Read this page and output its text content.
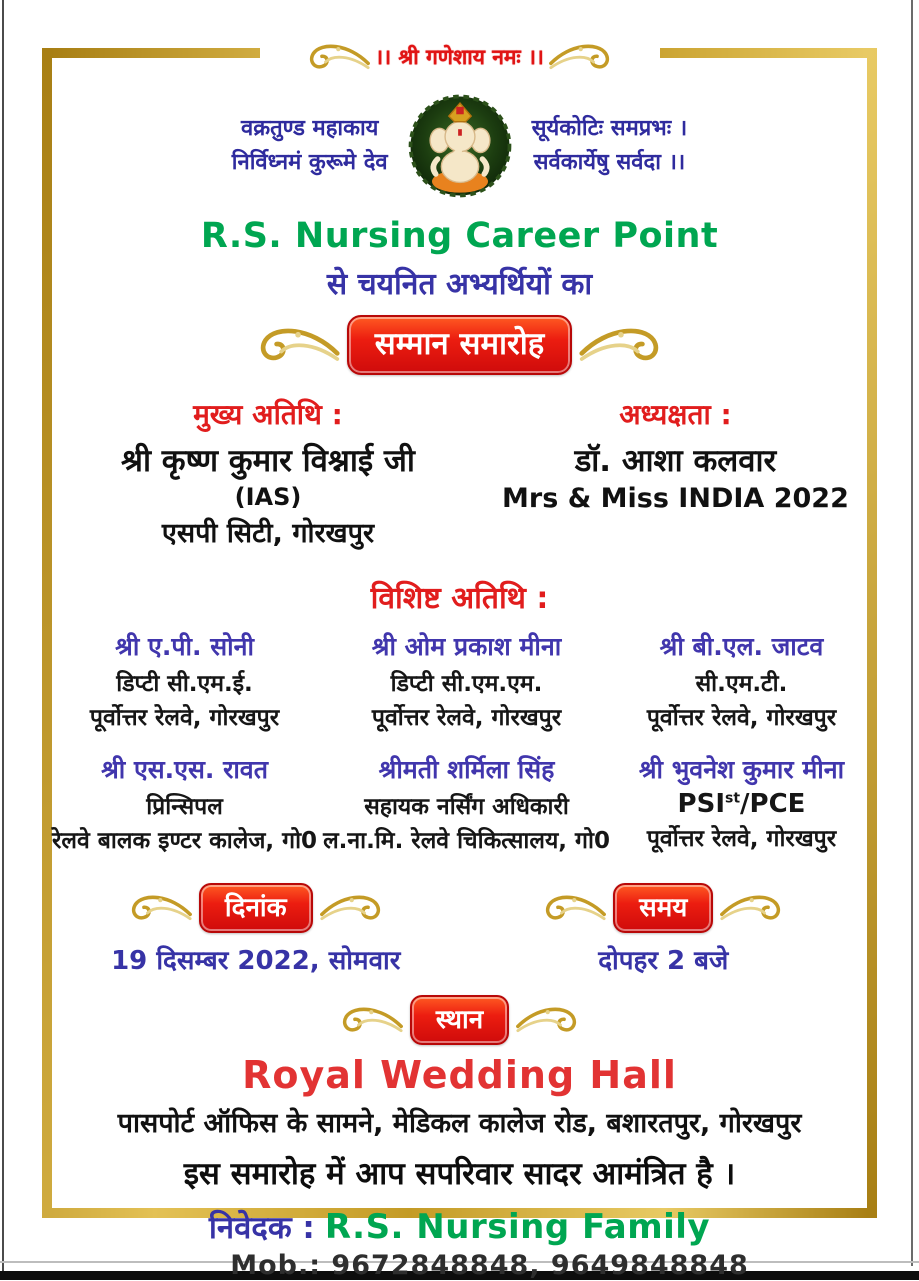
।। श्री गणेशाय नमः ।।
वक्रतुण्ड महाकाय
निर्विध्नमं कुरूमे देव
सूर्यकोटिः समप्रभः ।
सर्वकार्येषु सर्वदा ।।
R.S. Nursing Career Point
से चयनित अभ्यर्थियों का
सम्मान समारोह
मुख्य अतिथि :
श्री कृष्ण कुमार विश्नाई जी
(IAS)
एसपी सिटी, गोरखपुर
अध्यक्षता :
डॉ. आशा कलवार
Mrs & Miss INDIA 2022
विशिष्ट अतिथि :
श्री ए.पी. सोनी
डिप्टी सी.एम.ई.
पूर्वोत्तर रेलवे, गोरखपुर
श्री ओम प्रकाश मीना
डिप्टी सी.एम.एम.
पूर्वोत्तर रेलवे, गोरखपुर
श्री बी.एल. जाटव
सी.एम.टी.
पूर्वोत्तर रेलवे, गोरखपुर
श्री एस.एस. रावत
प्रिन्सिपल
रेलवे बालक इण्टर कालेज, गो0
श्रीमती शर्मिला सिंह
सहायक नर्सिंग अधिकारी
ल.ना.मि. रेलवे चिकित्सालय, गो0
श्री भुवनेश कुमार मीना
$PSI^{st}$/PCE
पूर्वोत्तर रेलवे, गोरखपुर
दिनांक
19 दिसम्बर 2022, सोमवार
समय
दोपहर 2 बजे
स्थान
Royal Wedding Hall
पासपोर्ट ऑफिस के सामने, मेडिकल कालेज रोड, बशारतपुर, गोरखपुर
इस समारोह में आप सपरिवार सादर आमंत्रित है ।
निवेदक : R.S. Nursing Family
Mob.: 9672848848, 9649848848
